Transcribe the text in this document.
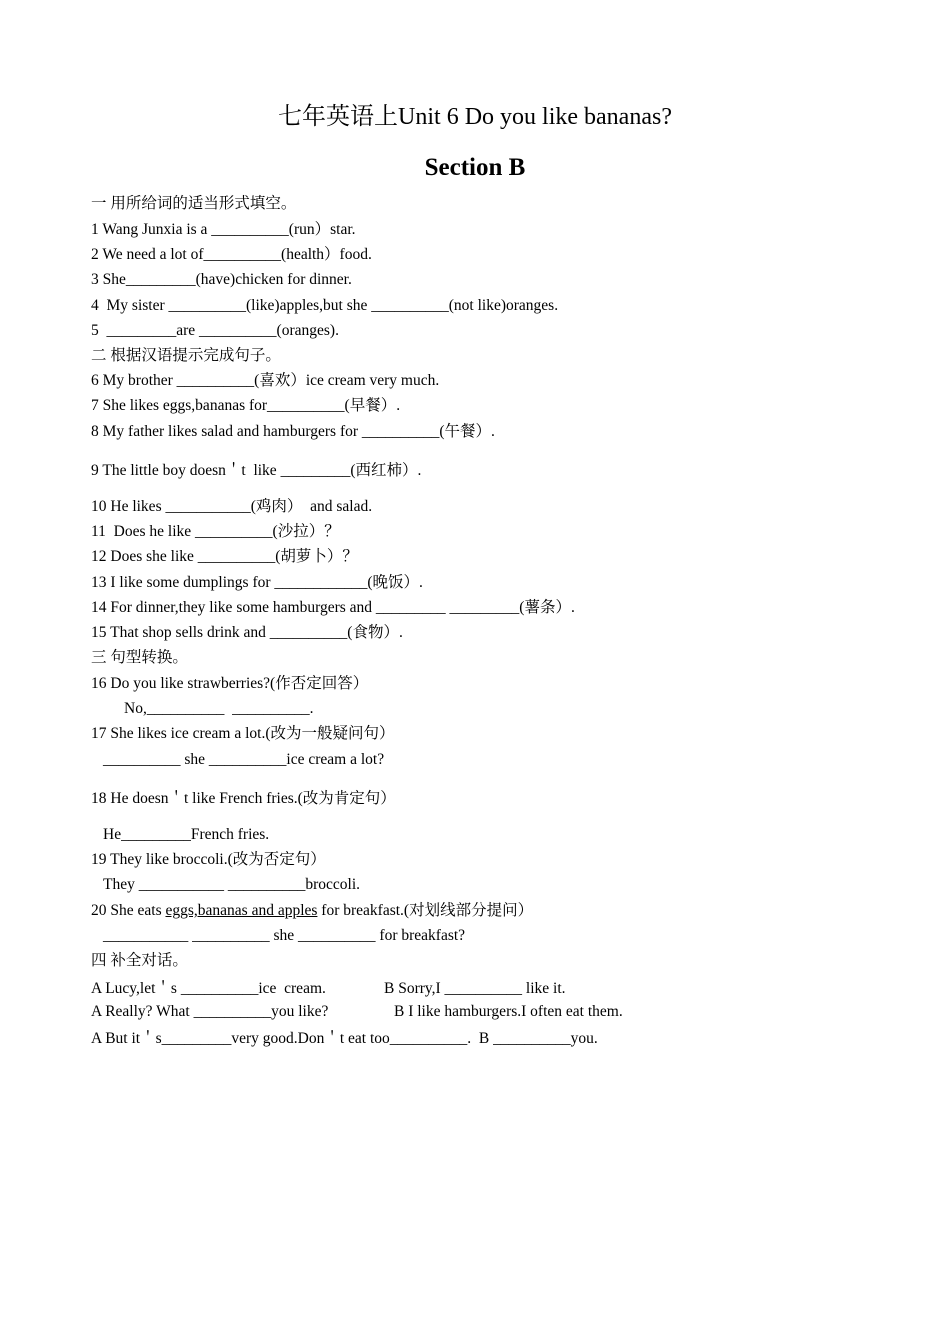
七年英语上Unit 6 Do you like bananas?
Section B
一 用所给词的适当形式填空。
1 Wang Junxia is a __________(run）star.
2 We need a lot of__________(health）food.
3 She_________(have)chicken for dinner.
4  My sister __________(like)apples,but she __________(not like)oranges.
5  _________are __________(oranges).
二 根据汉语提示完成句子。
6 My brother __________(喜欢）ice cream very much.
7 She likes eggs,bananas for__________(早餐）.
8 My father likes salad and hamburgers for __________(午餐）.
9 The little boy doesn＇t  like _________(西红柿）.
10 He likes ___________(鸡肉）  and salad.
11  Does he like __________(沙拉）？
12 Does she like __________(胡萝卜）？
13 I like some dumplings for ____________(晚饭）.
14 For dinner,they like some hamburgers and _________ _________(薯条）.
15 That shop sells drink and __________(食物）.
三 句型转换。
16 Do you like strawberries?(作否定回答）
No,__________  __________.
17 She likes ice cream a lot.(改为一般疑问句）
__________ she __________ice cream a lot?
18 He doesn＇t like French fries.(改为肯定句）
He_________French fries.
19 They like broccoli.(改为否定句）
They ___________ __________broccoli.
20 She eats eggs,bananas and apples for breakfast.(对划线部分提问）
___________ __________ she __________ for breakfast?
四 补全对话。
A Lucy,let＇s __________ice  cream.	B Sorry,I __________ like it.
A Really? What __________you like?	B I like hamburgers.I often eat them.
A But it＇s_________very good.Don＇t eat too__________.  B __________you.
